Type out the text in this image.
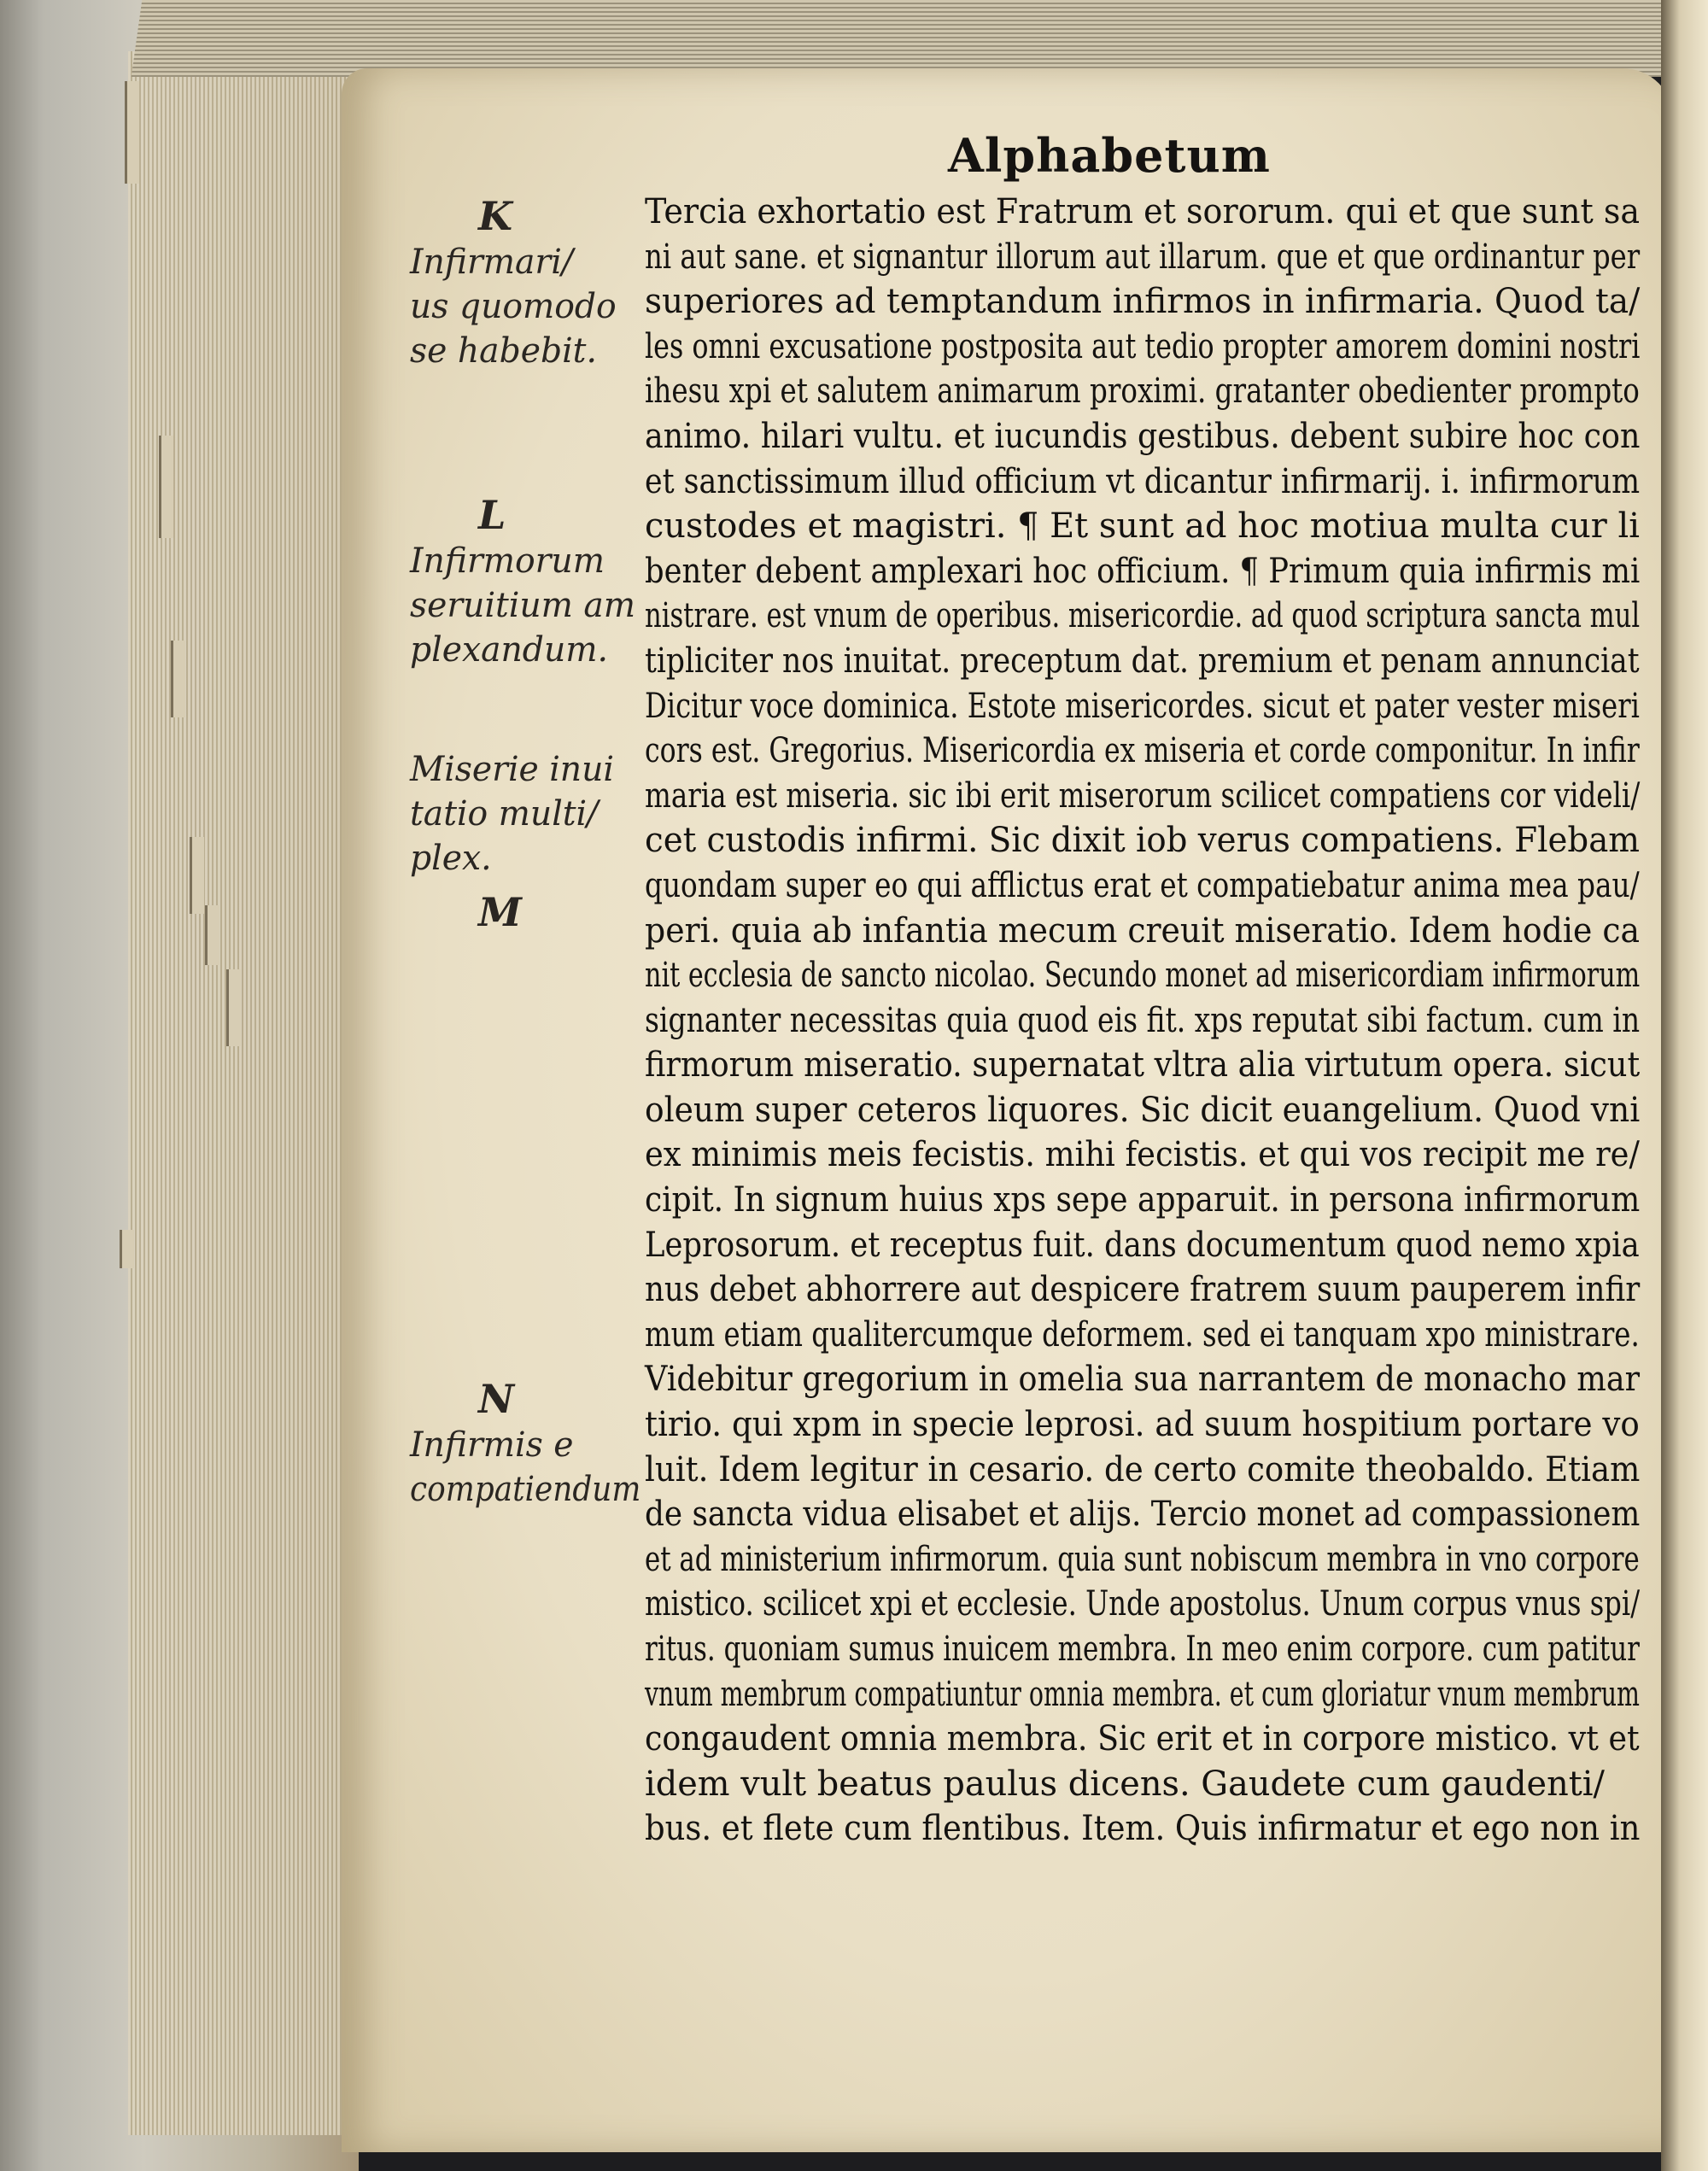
Alphabetum
K
Infirmari/
us quomodo
se habebit.
L
Infirmorum
seruitium am
plexandum.
Miserie inui
tatio multi/
plex.
M
N
Infirmis e
compatiendum
Tercia exhortatio est Fratrum et sororum. qui et que sunt sa
ni aut sane. et signantur illorum aut illarum. que et que ordinantur per
superiores ad temptandum infirmos in infirmaria. Quod ta/
les omni excusatione postposita aut tedio propter amorem domini nostri
ihesu xpi et salutem animarum proximi. gratanter obedienter prompto
animo. hilari vultu. et iucundis gestibus. debent subire hoc con
et sanctissimum illud officium vt dicantur infirmarij. i. infirmorum
custodes et magistri. ¶ Et sunt ad hoc motiua multa cur li
benter debent amplexari hoc officium. ¶ Primum quia infirmis mi
nistrare. est vnum de operibus. misericordie. ad quod scriptura sancta mul
tipliciter nos inuitat. preceptum dat. premium et penam annunciat
Dicitur voce dominica. Estote misericordes. sicut et pater vester miseri
cors est. Gregorius. Misericordia ex miseria et corde componitur. In infir
maria est miseria. sic ibi erit miserorum scilicet compatiens cor videli/
cet custodis infirmi. Sic dixit iob verus compatiens. Flebam
quondam super eo qui afflictus erat et compatiebatur anima mea pau/
peri. quia ab infantia mecum creuit miseratio. Idem hodie ca
nit ecclesia de sancto nicolao. Secundo monet ad misericordiam infirmorum
signanter necessitas quia quod eis fit. xps reputat sibi factum. cum in
firmorum miseratio. supernatat vltra alia virtutum opera. sicut
oleum super ceteros liquores. Sic dicit euangelium. Quod vni
ex minimis meis fecistis. mihi fecistis. et qui vos recipit me re/
cipit. In signum huius xps sepe apparuit. in persona infirmorum
Leprosorum. et receptus fuit. dans documentum quod nemo xpia
nus debet abhorrere aut despicere fratrem suum pauperem infir
mum etiam qualitercumque deformem. sed ei tanquam xpo ministrare.
Videbitur gregorium in omelia sua narrantem de monacho mar
tirio. qui xpm in specie leprosi. ad suum hospitium portare vo
luit. Idem legitur in cesario. de certo comite theobaldo. Etiam
de sancta vidua elisabet et alijs. Tercio monet ad compassionem
et ad ministerium infirmorum. quia sunt nobiscum membra in vno corpore
mistico. scilicet xpi et ecclesie. Unde apostolus. Unum corpus vnus spi/
ritus. quoniam sumus inuicem membra. In meo enim corpore. cum patitur
vnum membrum compatiuntur omnia membra. et cum gloriatur vnum membrum
congaudent omnia membra. Sic erit et in corpore mistico. vt et
idem vult beatus paulus dicens. Gaudete cum gaudenti/
bus. et flete cum flentibus. Item. Quis infirmatur et ego non in
